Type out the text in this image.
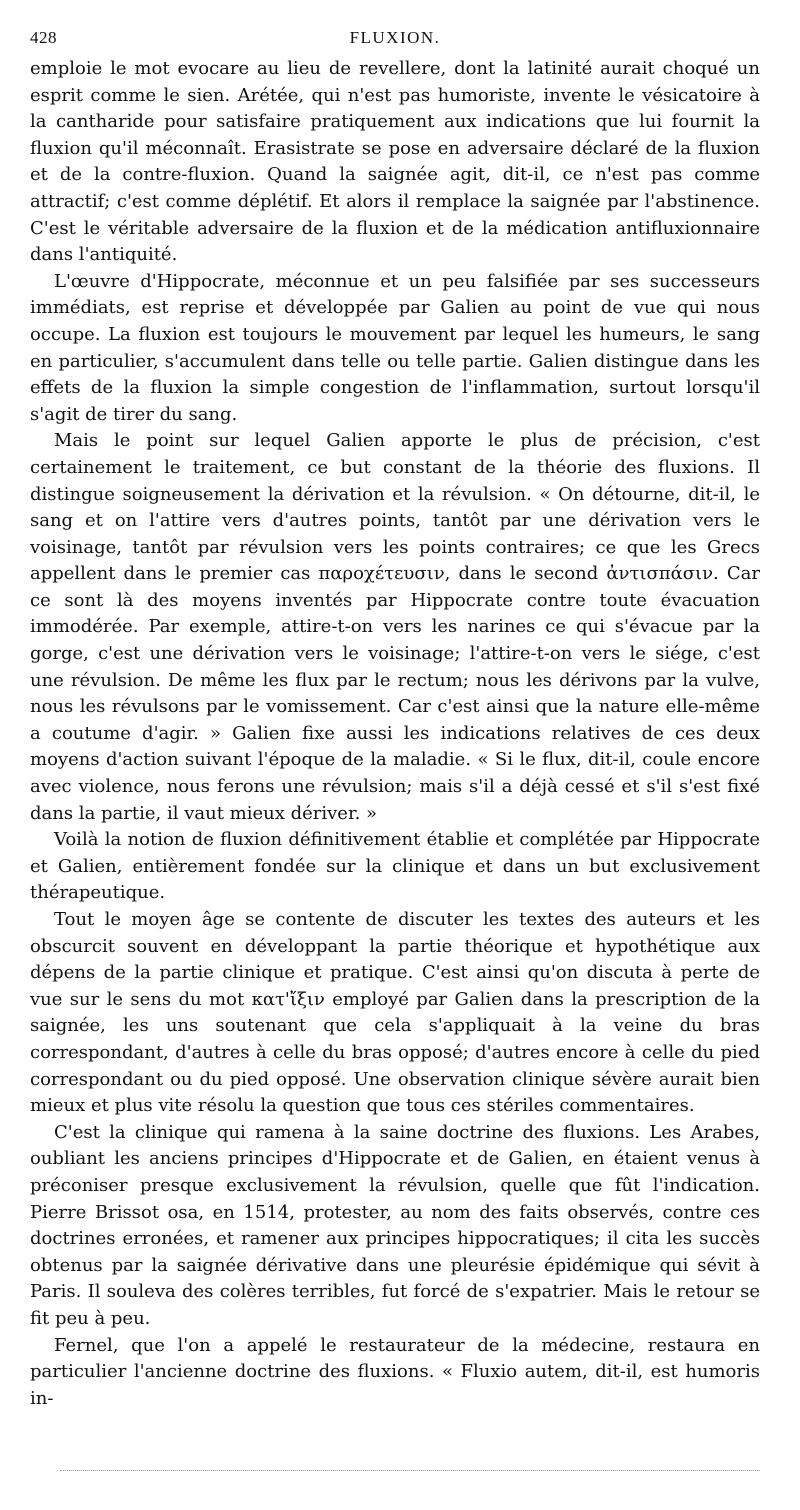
428	FLUXION.

emploie le mot evocare au lieu de revellere, dont la latinité aurait choqué un esprit comme le sien. Arétée, qui n'est pas humoriste, invente le vésicatoire à la cantharide pour satisfaire pratiquement aux indications que lui fournit la fluxion qu'il méconnaît. Erasistrate se pose en adversaire déclaré de la fluxion et de la contre-fluxion. Quand la saignée agit, dit-il, ce n'est pas comme attractif; c'est comme déplétif. Et alors il remplace la saignée par l'abstinence. C'est le véritable adversaire de la fluxion et de la médication antifluxionnaire dans l'antiquité.

L'œuvre d'Hippocrate, méconnue et un peu falsifiée par ses successeurs immédiats, est reprise et développée par Galien au point de vue qui nous occupe. La fluxion est toujours le mouvement par lequel les humeurs, le sang en particulier, s'accumulent dans telle ou telle partie. Galien distingue dans les effets de la fluxion la simple congestion de l'inflammation, surtout lorsqu'il s'agit de tirer du sang.

Mais le point sur lequel Galien apporte le plus de précision, c'est certainement le traitement, ce but constant de la théorie des fluxions. Il distingue soigneusement la dérivation et la révulsion. « On détourne, dit-il, le sang et on l'attire vers d'autres points, tantôt par une dérivation vers le voisinage, tantôt par révulsion vers les points contraires; ce que les Grecs appellent dans le premier cas παροχέτευσιν, dans le second ἀντισπάσιν. Car ce sont là des moyens inventés par Hippocrate contre toute évacuation immodérée. Par exemple, attire-t-on vers les narines ce qui s'évacue par la gorge, c'est une dérivation vers le voisinage; l'attire-t-on vers le siége, c'est une révulsion. De même les flux par le rectum; nous les dérivons par la vulve, nous les révulsons par le vomissement. Car c'est ainsi que la nature elle-même a coutume d'agir. » Galien fixe aussi les indications relatives de ces deux moyens d'action suivant l'époque de la maladie. « Si le flux, dit-il, coule encore avec violence, nous ferons une révulsion; mais s'il a déjà cessé et s'il s'est fixé dans la partie, il vaut mieux dériver. »

Voilà la notion de fluxion définitivement établie et complétée par Hippocrate et Galien, entièrement fondée sur la clinique et dans un but exclusivement thérapeutique.

Tout le moyen âge se contente de discuter les textes des auteurs et les obscurcit souvent en développant la partie théorique et hypothétique aux dépens de la partie clinique et pratique. C'est ainsi qu'on discuta à perte de vue sur le sens du mot κατ'ἴξιν employé par Galien dans la prescription de la saignée, les uns soutenant que cela s'appliquait à la veine du bras correspondant, d'autres à celle du bras opposé; d'autres encore à celle du pied correspondant ou du pied opposé. Une observation clinique sévère aurait bien mieux et plus vite résolu la question que tous ces stériles commentaires.

C'est la clinique qui ramena à la saine doctrine des fluxions. Les Arabes, oubliant les anciens principes d'Hippocrate et de Galien, en étaient venus à préconiser presque exclusivement la révulsion, quelle que fût l'indication. Pierre Brissot osa, en 1514, protester, au nom des faits observés, contre ces doctrines erronées, et ramener aux principes hippocratiques; il cita les succès obtenus par la saignée dérivative dans une pleurésie épidémique qui sévit à Paris. Il souleva des colères terribles, fut forcé de s'expatrier. Mais le retour se fit peu à peu.

Fernel, que l'on a appelé le restaurateur de la médecine, restaura en particulier l'ancienne doctrine des fluxions. « Fluxio autem, dit-il, est humoris in-
